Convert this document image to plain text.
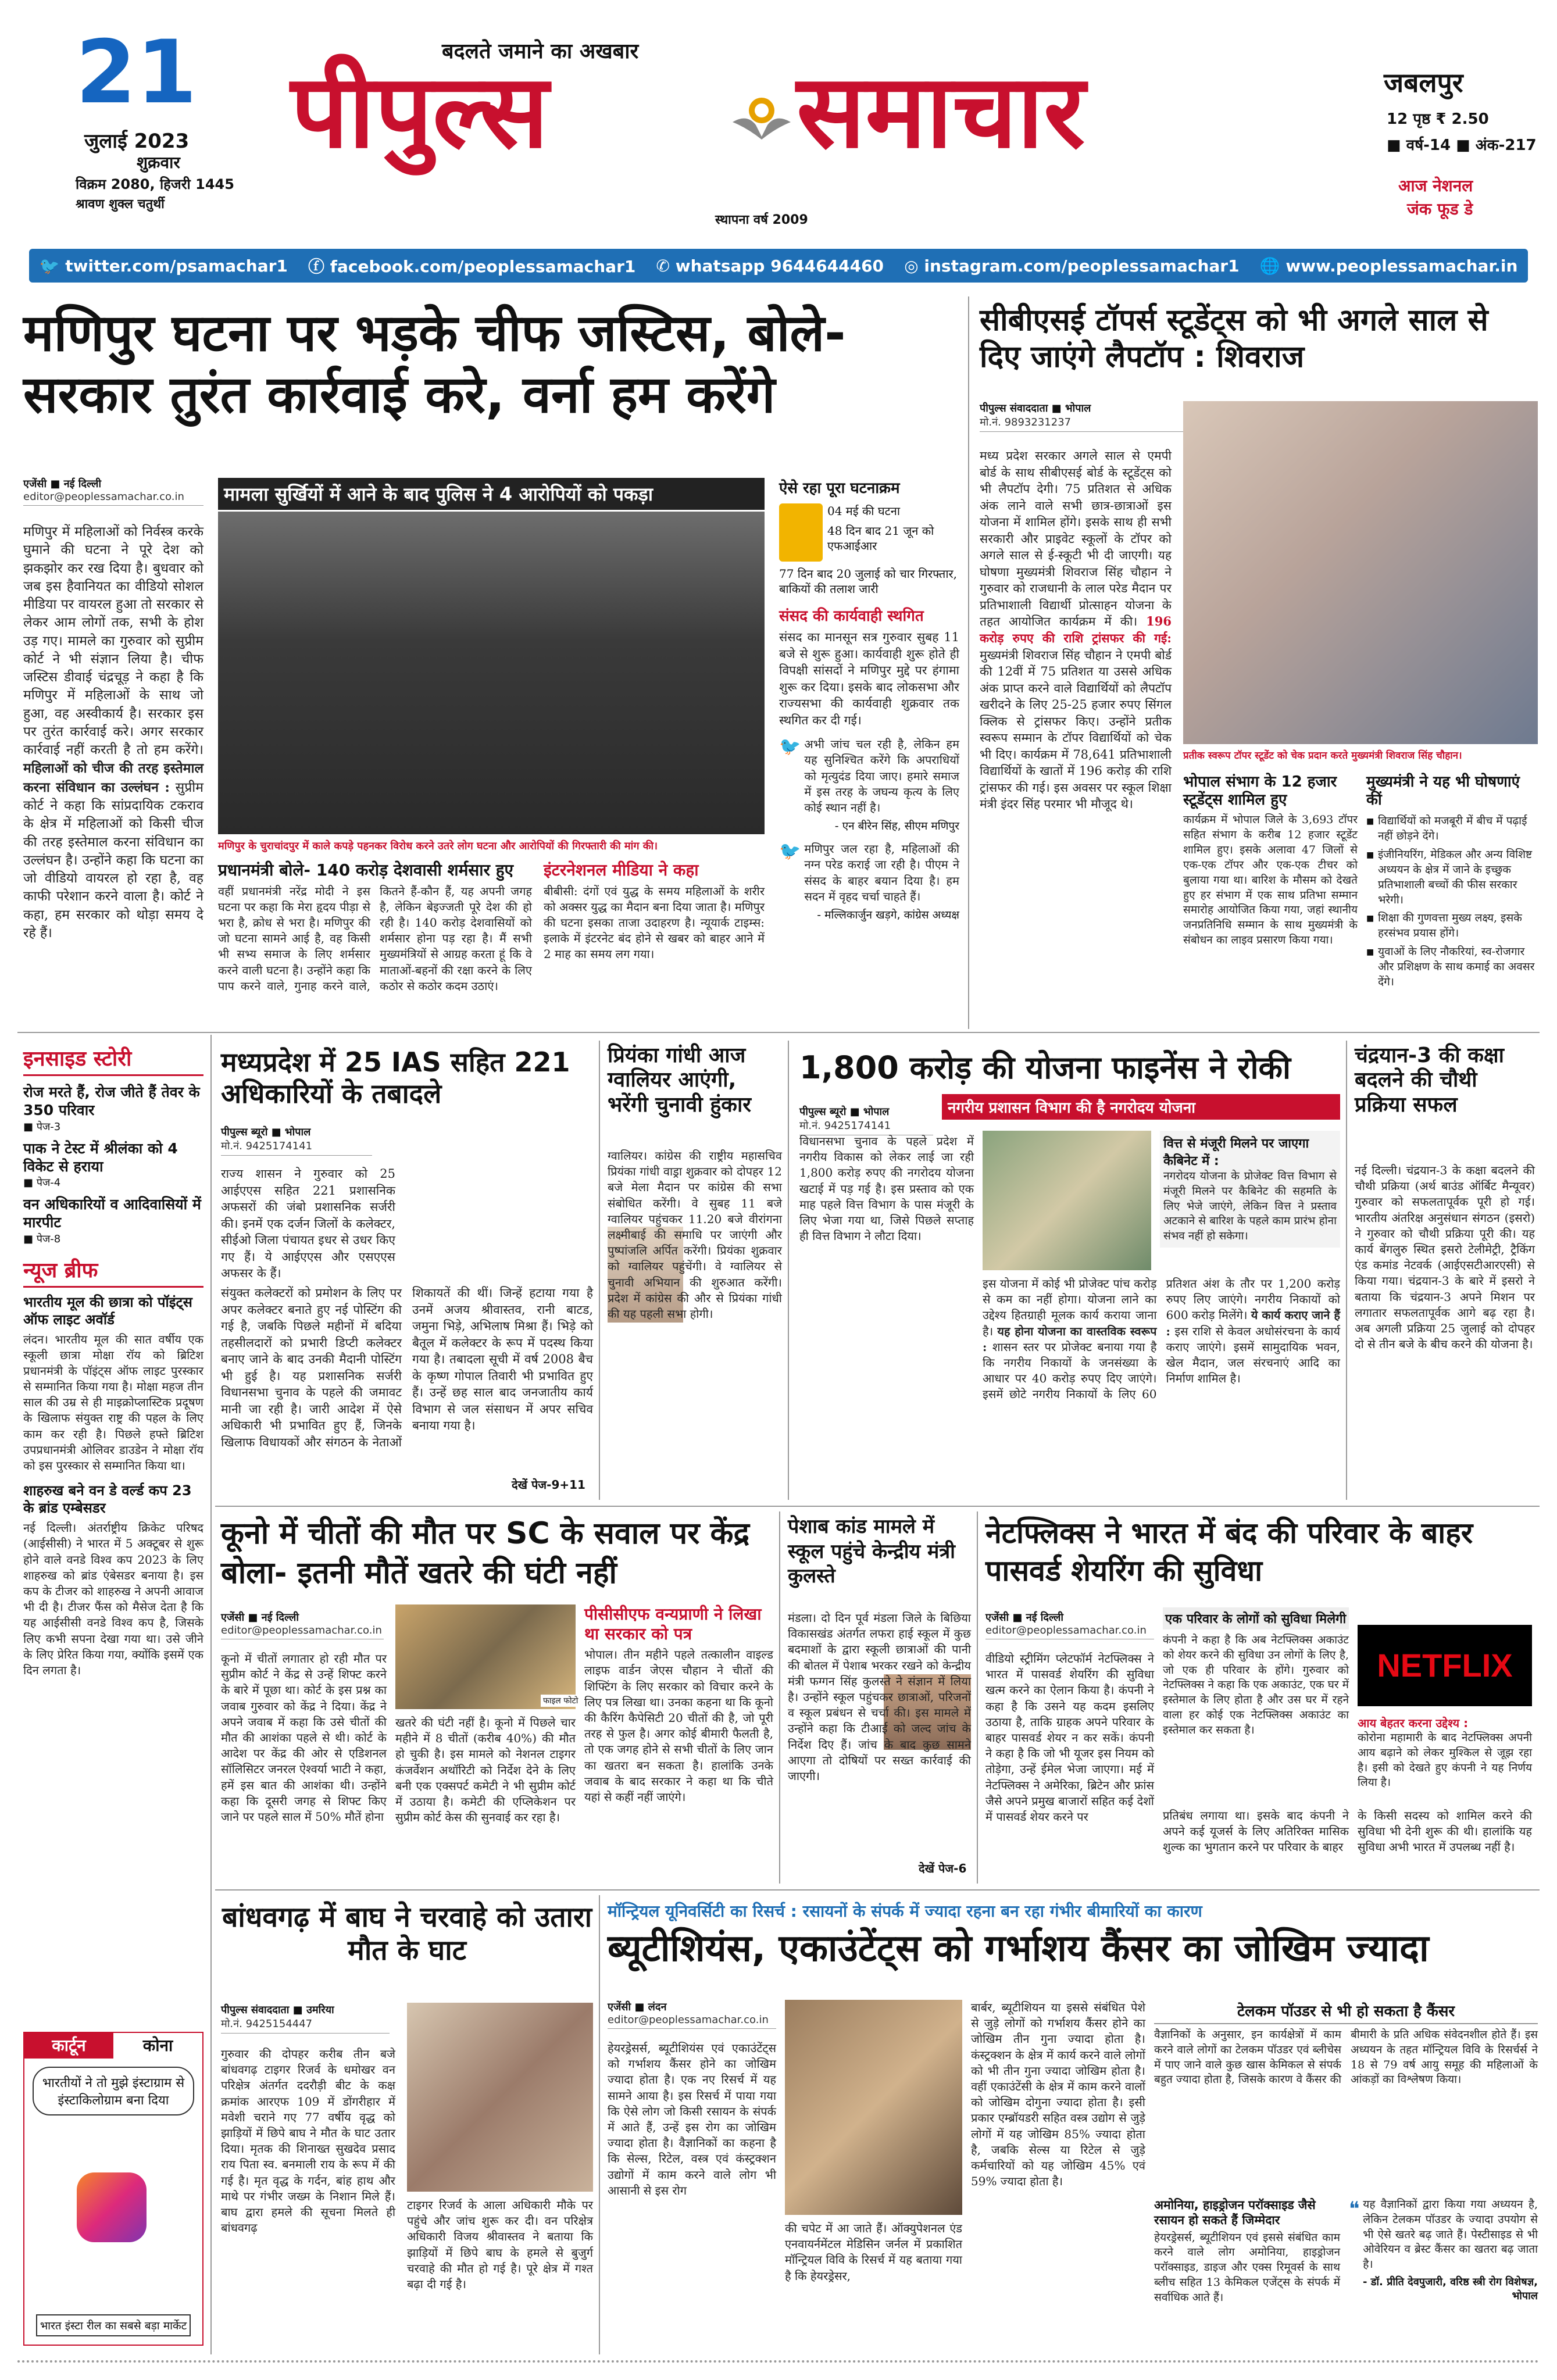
21
जुलाई 2023
शुक्रवार
विक्रम 2080, हिजरी 1445
श्रावण शुक्ल चतुर्थी
बदलते जमाने का अखबार
पीपुल्स समाचार
स्थापना वर्ष 2009
जबलपुर
12 पृष्ठ ₹ 2.50
■ वर्ष-14 ■ अंक-217
आज नेशनल
जंक फूड डे
🐦 twitter.com/psamachar1 ⓕ facebook.com/peoplessamachar1 ✆ whatsapp 9644644460 ◎ instagram.com/peoplessamachar1 🌐 www.peoplessamachar.in
मणिपुर घटना पर भड़के चीफ जस्टिस, बोले- सरकार तुरंत कार्रवाई करे, वर्ना हम करेंगे
एजेंसी ■ नई दिल्ली
editor@peoplessamachar.co.in
मणिपुर में महिलाओं को निर्वस्त्र करके घुमाने की घटना ने पूरे देश को झकझोर कर रख दिया है। बुधवार को जब इस हैवानियत का वीडियो सोशल मीडिया पर वायरल हुआ तो सरकार से लेकर आम लोगों तक, सभी के होश उड़ गए। मामले का गुरुवार को सुप्रीम कोर्ट ने भी संज्ञान लिया है। चीफ जस्टिस डीवाई चंद्रचूड़ ने कहा है कि मणिपुर में महिलाओं के साथ जो हुआ, वह अस्वीकार्य है। सरकार इस पर तुरंत कार्रवाई करे। अगर सरकार कार्रवाई नहीं करती है तो हम करेंगे। महिलाओं को चीज की तरह इस्तेमाल करना संविधान का उल्लंघन : सुप्रीम कोर्ट ने कहा कि सांप्रदायिक टकराव के क्षेत्र में महिलाओं को किसी चीज की तरह इस्तेमाल करना संविधान का उल्लंघन है। उन्होंने कहा कि घटना का जो वीडियो वायरल हो रहा है, वह काफी परेशान करने वाला है। कोर्ट ने कहा, हम सरकार को थोड़ा समय दे रहे हैं।
मामला सुर्खियों में आने के बाद पुलिस ने 4 आरोपियों को पकड़ा
मणिपुर के चुराचांदपुर में काले कपड़े पहनकर विरोध करने उतरे लोग घटना और आरोपियों की गिरफ्तारी की मांग की।
ऐसे रहा पूरा घटनाक्रम
04 मई की घटना
48 दिन बाद 21 जून को एफआईआर
77 दिन बाद 20 जुलाई को चार गिरफ्तार, बाकियों की तलाश जारी
संसद की कार्यवाही स्थगित
संसद का मानसून सत्र गुरुवार सुबह 11 बजे से शुरू हुआ। कार्यवाही शुरू होते ही विपक्षी सांसदों ने मणिपुर मुद्दे पर हंगामा शुरू कर दिया। इसके बाद लोकसभा और राज्यसभा की कार्यवाही शुक्रवार तक स्थगित कर दी गई।
🐦 अभी जांच चल रही है, लेकिन हम यह सुनिश्चित करेंगे कि अपराधियों को मृत्युदंड दिया जाए। हमारे समाज में इस तरह के जघन्य कृत्य के लिए कोई स्थान नहीं है।
- एन बीरेन सिंह, सीएम मणिपुर
🐦 मणिपुर जल रहा है, महिलाओं की नग्न परेड कराई जा रही है। पीएम ने संसद के बाहर बयान दिया है। हम सदन में वृहद चर्चा चाहते हैं।
- मल्लिकार्जुन खड़गे, कांग्रेस अध्यक्ष
प्रधानमंत्री बोले- 140 करोड़ देशवासी शर्मसार हुए
वहीं प्रधानमंत्री नरेंद्र मोदी ने इस घटना पर कहा कि मेरा हृदय पीड़ा से भरा है, क्रोध से भरा है। मणिपुर की जो घटना सामने आई है, वह किसी भी सभ्य समाज के लिए शर्मसार करने वाली घटना है। उन्होंने कहा कि पाप करने वाले, गुनाह करने वाले, कितने हैं-कौन हैं, यह अपनी जगह है, लेकिन बेइज्जती पूरे देश की हो रही है। 140 करोड़ देशवासियों को शर्मसार होना पड़ रहा है। मैं सभी मुख्यमंत्रियों से आग्रह करता हूं कि वे माताओं-बहनों की रक्षा करने के लिए कठोर से कठोर कदम उठाएं।
इंटरनेशनल मीडिया ने कहा
बीबीसी: दंगों एवं युद्ध के समय महिलाओं के शरीर को अक्सर युद्ध का मैदान बना दिया जाता है। मणिपुर की घटना इसका ताजा उदाहरण है। न्यूयार्क टाइम्स: इलाके में इंटरनेट बंद होने से खबर को बाहर आने में 2 माह का समय लग गया।
सीबीएसई टॉपर्स स्टूडेंट्स को भी अगले साल से दिए जाएंगे लैपटॉप : शिवराज
पीपुल्स संवाददाता ■ भोपाल
मो.नं. 9893231237
मध्य प्रदेश सरकार अगले साल से एमपी बोर्ड के साथ सीबीएसई बोर्ड के स्टूडेंट्स को भी लैपटॉप देगी। 75 प्रतिशत से अधिक अंक लाने वाले सभी छात्र-छात्राओं इस योजना में शामिल होंगे। इसके साथ ही सभी सरकारी और प्राइवेट स्कूलों के टॉपर को अगले साल से ई-स्कूटी भी दी जाएगी। यह घोषणा मुख्यमंत्री शिवराज सिंह चौहान ने गुरुवार को राजधानी के लाल परेड मैदान पर प्रतिभाशाली विद्यार्थी प्रोत्साहन योजना के तहत आयोजित कार्यक्रम में की। 196 करोड़ रुपए की राशि ट्रांसफर की गई: मुख्यमंत्री शिवराज सिंह चौहान ने एमपी बोर्ड की 12वीं में 75 प्रतिशत या उससे अधिक अंक प्राप्त करने वाले विद्यार्थियों को लैपटॉप खरीदने के लिए 25-25 हजार रुपए सिंगल क्लिक से ट्रांसफर किए। उन्होंने प्रतीक स्वरूप सम्मान के टॉपर विद्यार्थियों को चेक भी दिए। कार्यक्रम में 78,641 प्रतिभाशाली विद्यार्थियों के खातों में 196 करोड़ की राशि ट्रांसफर की गई। इस अवसर पर स्कूल शिक्षा मंत्री इंदर सिंह परमार भी मौजूद थे।
प्रतीक स्वरूप टॉपर स्टूडेंट को चेक प्रदान करते मुख्यमंत्री शिवराज सिंह चौहान।
भोपाल संभाग के 12 हजार स्टूडेंट्स शामिल हुए
कार्यक्रम में भोपाल जिले के 3,693 टॉपर सहित संभाग के करीब 12 हजार स्टूडेंट शामिल हुए। इसके अलावा 47 जिलों से एक-एक टॉपर और एक-एक टीचर को बुलाया गया था। बारिश के मौसम को देखते हुए हर संभाग में एक साथ प्रतिभा सम्मान समारोह आयोजित किया गया, जहां स्थानीय जनप्रतिनिधि सम्मान के साथ मुख्यमंत्री के संबोधन का लाइव प्रसारण किया गया।
मुख्यमंत्री ने यह भी घोषणाएं कीं
■ विद्यार्थियों को मजबूरी में बीच में पढ़ाई नहीं छोड़ने देंगे।
■ इंजीनियरिंग, मेडिकल और अन्य विशिष्ट अध्ययन के क्षेत्र में जाने के इच्छुक प्रतिभाशाली बच्चों की फीस सरकार भरेगी।
■ शिक्षा की गुणवत्ता मुख्य लक्ष्य, इसके हरसंभव प्रयास होंगे।
■ युवाओं के लिए नौकरियां, स्व-रोजगार और प्रशिक्षण के साथ कमाई का अवसर देंगे।
इनसाइड स्टोरी
रोज मरते हैं, रोज जीते हैं तेवर के 350 परिवार
■ पेज-3
पाक ने टेस्ट में श्रीलंका को 4 विकेट से हराया
■ पेज-4
वन अधिकारियों व आदिवासियों में मारपीट
■ पेज-8
न्यूज ब्रीफ
भारतीय मूल की छात्रा को पॉइंट्स ऑफ लाइट अवॉर्ड
लंदन। भारतीय मूल की सात वर्षीय एक स्कूली छात्रा मोक्षा रॉय को ब्रिटिश प्रधानमंत्री के पॉइंट्स ऑफ लाइट पुरस्कार से सम्मानित किया गया है। मोक्षा महज तीन साल की उम्र से ही माइक्रोप्लास्टिक प्रदूषण के खिलाफ संयुक्त राष्ट्र की पहल के लिए काम कर रही है। पिछले हफ्ते ब्रिटिश उपप्रधानमंत्री ओलिवर डाउडेन ने मोक्षा रॉय को इस पुरस्कार से सम्मानित किया था।
शाहरुख बने वन डे वर्ल्ड कप 23 के ब्रांड एम्बेसडर
नई दिल्ली। अंतर्राष्ट्रीय क्रिकेट परिषद (आईसीसी) ने भारत में 5 अक्टूबर से शुरू होने वाले वनडे विश्व कप 2023 के लिए शाहरुख को ब्रांड एंबेसडर बनाया है। इस कप के टीजर को शाहरुख ने अपनी आवाज भी दी है। टीजर फैंस को मैसेज देता है कि यह आईसीसी वनडे विश्व कप है, जिसके लिए कभी सपना देखा गया था। उसे जीने के लिए प्रेरित किया गया, क्योंकि इसमें एक दिन लगता है।
कार्टून	कोना
भारतीयों ने तो मुझे इंस्टाग्राम से इंस्टाकिलोग्राम बना दिया
भारत इंस्टा रील का सबसे बड़ा मार्केट
मध्यप्रदेश में 25 IAS सहित 221 अधिकारियों के तबादले
पीपुल्स ब्यूरो ■ भोपाल
मो.नं. 9425174141
राज्य शासन ने गुरुवार को 25 आईएएस सहित 221 प्रशासनिक अफसरों की जंबो प्रशासनिक सर्जरी की। इनमें एक दर्जन जिलों के कलेक्टर, सीईओ जिला पंचायत इधर से उधर किए गए हैं। ये आईएएस और एसएएस अफसर के हैं।
संयुक्त कलेक्टरों को प्रमोशन के लिए पर अपर कलेक्टर बनाते हुए नई पोस्टिंग की गई है, जबकि पिछले महीनों में बदिया तहसीलदारों को प्रभारी डिप्टी कलेक्टर बनाए जाने के बाद उनकी मैदानी पोस्टिंग भी हुई है। यह प्रशासनिक सर्जरी विधानसभा चुनाव के पहले की जमावट मानी जा रही है। जारी आदेश में ऐसे अधिकारी भी प्रभावित हुए हैं, जिनके खिलाफ विधायकों और संगठन के नेताओं शिकायतें की थीं। जिन्हें हटाया गया है उनमें अजय श्रीवास्तव, रानी बाटड, जमुना भिड़े, अभिलाष मिश्रा हैं। भिड़े को बैतूल में कलेक्टर के रूप में पदस्थ किया गया है। तबादला सूची में वर्ष 2008 बैच के कृष्ण गोपाल तिवारी भी प्रभावित हुए हैं। उन्हें छह साल बाद जनजातीय कार्य विभाग से जल संसाधन में अपर सचिव बनाया गया है।
देखें पेज-9+11
प्रियंका गांधी आज ग्वालियर आएंगी, भरेंगी चुनावी हुंकार
ग्वालियर। कांग्रेस की राष्ट्रीय महासचिव प्रियंका गांधी वाड्रा शुक्रवार को दोपहर 12 बजे मेला मैदान पर कांग्रेस की सभा संबोधित करेंगी। वे सुबह 11 बजे ग्वालियर पहुंचकर 11.20 बजे वीरांगना लक्ष्मीबाई की समाधि पर जाएंगी और पुष्पांजलि अर्पित करेंगी। प्रियंका शुक्रवार को ग्वालियर पहुंचेंगी। वे ग्वालियर से चुनावी अभियान की शुरुआत करेंगी। प्रदेश में कांग्रेस की और से प्रियंका गांधी की यह पहली सभा होगी।
1,800 करोड़ की योजना फाइनेंस ने रोकी
नगरीय प्रशासन विभाग की है नगरोदय योजना
पीपुल्स ब्यूरो ■ भोपाल
मो.नं. 9425174141
विधानसभा चुनाव के पहले प्रदेश में नगरीय विकास को लेकर लाई जा रही 1,800 करोड़ रुपए की नगरोदय योजना खटाई में पड़ गई है। इस प्रस्ताव को एक माह पहले वित्त विभाग के पास मंजूरी के लिए भेजा गया था, जिसे पिछले सप्ताह ही वित्त विभाग ने लौटा दिया।
वित्त से मंजूरी मिलने पर जाएगा कैबिनेट में :
नगरोदय योजना के प्रोजेक्ट वित्त विभाग से मंजूरी मिलने पर कैबिनेट की सहमति के लिए भेजे जाएंगे, लेकिन वित्त ने प्रस्ताव अटकाने से बारिश के पहले काम प्रारंभ होना संभव नहीं हो सकेगा।
इस योजना में कोई भी प्रोजेक्ट पांच करोड़ से कम का नहीं होगा। योजना लाने का उद्देश्य हितग्राही मूलक कार्य कराया जाना है। यह होना योजना का वास्तविक स्वरूप : शासन स्तर पर प्रोजेक्ट बनाया गया है कि नगरीय निकायों के जनसंख्या के आधार पर 40 करोड़ रुपए दिए जाएंगे। इसमें छोटे नगरीय निकायों के लिए 60 प्रतिशत अंश के तौर पर 1,200 करोड़ रुपए लिए जाएंगे। नगरीय निकायों को 600 करोड़ मिलेंगे। ये कार्य कराए जाने हैं : इस राशि से केवल अधोसंरचना के कार्य कराए जाएंगे। इसमें सामुदायिक भवन, खेल मैदान, जल संरचनाएं आदि का निर्माण शामिल है।
चंद्रयान-3 की कक्षा बदलने की चौथी प्रक्रिया सफल
नई दिल्ली। चंद्रयान-3 के कक्षा बदलने की चौथी प्रक्रिया (अर्थ बाउंड ऑर्बिट मैन्यूवर) गुरुवार को सफलतापूर्वक पूरी हो गई। भारतीय अंतरिक्ष अनुसंधान संगठन (इसरो) ने गुरुवार को चौथी प्रक्रिया पूरी की। यह कार्य बेंगलुरु स्थित इसरो टेलीमेट्री, ट्रैकिंग एंड कमांड नेटवर्क (आईएसटीआरएसी) से किया गया। चंद्रयान-3 के बारे में इसरो ने बताया कि चंद्रयान-3 अपने मिशन पर लगातार सफलतापूर्वक आगे बढ़ रहा है। अब अगली प्रक्रिया 25 जुलाई को दोपहर दो से तीन बजे के बीच करने की योजना है।
कूनो में चीतों की मौत पर SC के सवाल पर केंद्र बोला- इतनी मौतें खतरे की घंटी नहीं
एजेंसी ■ नई दिल्ली
editor@peoplessamachar.co.in
फाइल फोटो
कूनो में चीतों लगातार हो रही मौत पर सुप्रीम कोर्ट ने केंद्र से उन्हें शिफ्ट करने के बारे में पूछा था। कोर्ट के इस प्रश्न का जवाब गुरुवार को केंद्र ने दिया। केंद्र ने अपने जवाब में कहा कि उसे चीतों की मौत की आशंका पहले से थी। कोर्ट के आदेश पर केंद्र की ओर से एडिशनल सॉलिसिटर जनरल ऐश्वर्या भाटी ने कहा, हमें इस बात की आशंका थी। उन्होंने कहा कि दूसरी जगह से शिफ्ट किए जाने पर पहले साल में 50% मौतें होना
खतरे की घंटी नहीं है। कूनो में पिछले चार महीने में 8 चीतों (करीब 40%) की मौत हो चुकी है। इस मामले को नेशनल टाइगर कंजर्वेशन अथॉरिटी को निर्देश देने के लिए बनी एक एक्सपर्ट कमेटी ने भी सुप्रीम कोर्ट में उठाया है। कमेटी की एप्लिकेशन पर सुप्रीम कोर्ट केस की सुनवाई कर रहा है।
पीसीसीएफ वन्यप्राणी ने लिखा था सरकार को पत्र
भोपाल। तीन महीने पहले तत्कालीन वाइल्ड लाइफ वार्डन जेएस चौहान ने चीतों की शिफ्टिंग के लिए सरकार को विचार करने के लिए पत्र लिखा था। उनका कहना था कि कूनो की कैरिंग कैपेसिटी 20 चीतों की है, जो पूरी तरह से फुल है। अगर कोई बीमारी फैलती है, तो एक जगह होने से सभी चीतों के लिए जान का खतरा बन सकता है। हालांकि उनके जवाब के बाद सरकार ने कहा था कि चीते यहां से कहीं नहीं जाएंगे।
पेशाब कांड मामले में स्कूल पहुंचे केन्द्रीय मंत्री कुलस्ते
मंडला। दो दिन पूर्व मंडला जिले के बिछिया विकासखंड अंतर्गत लफरा हाई स्कूल में कुछ बदमाशों के द्वारा स्कूली छात्राओं की पानी की बोतल में पेशाब भरकर रखने को केन्द्रीय मंत्री फग्गन सिंह कुलस्ते ने संज्ञान में लिया है। उन्होंने स्कूल पहुंचकर छात्राओं, परिजनों व स्कूल प्रबंधन से चर्चा की। इस मामले में उन्होंने कहा कि टीआई को जल्द जांच के निर्देश दिए हैं। जांच के बाद कुछ सामने आएगा तो दोषियों पर सख्त कार्रवाई की जाएगी।
देखें पेज-6
नेटफ्लिक्स ने भारत में बंद की परिवार के बाहर पासवर्ड शेयरिंग की सुविधा
एजेंसी ■ नई दिल्ली
editor@peoplessamachar.co.in
वीडियो स्ट्रीमिंग प्लेटफॉर्म नेटफ्लिक्स ने भारत में पासवर्ड शेयरिंग की सुविधा खत्म करने का ऐलान किया है। कंपनी ने कहा है कि उसने यह कदम इसलिए उठाया है, ताकि ग्राहक अपने परिवार के बाहर पासवर्ड शेयर न कर सकें। कंपनी ने कहा है कि जो भी यूजर इस नियम को तोड़ेगा, उन्हें ईमेल भेजा जाएगा। मई में नेटफ्लिक्स ने अमेरिका, ब्रिटेन और फ्रांस जैसे अपने प्रमुख बाजारों सहित कई देशों में पासवर्ड शेयर करने पर
एक परिवार के लोगों को सुविधा मिलेगी
कंपनी ने कहा है कि अब नेटफ्लिक्स अकाउंट को शेयर करने की सुविधा उन लोगों के लिए है, जो एक ही परिवार के होंगे। गुरुवार को नेटफ्लिक्स ने कहा कि एक अकाउंट, एक घर में इस्तेमाल के लिए होता है और उस घर में रहने वाला हर कोई एक नेटफ्लिक्स अकाउंट का इस्तेमाल कर सकता है।
NETFLIX
आय बेहतर करना उद्देश्य :
कोरोना महामारी के बाद नेटफ्लिक्स अपनी आय बढ़ाने को लेकर मुश्किल से जूझ रहा है। इसी को देखते हुए कंपनी ने यह निर्णय लिया है।
प्रतिबंध लगाया था। इसके बाद कंपनी ने अपने कई यूजर्स के लिए अतिरिक्त मासिक शुल्क का भुगतान करने पर परिवार के बाहर
के किसी सदस्य को शामिल करने की सुविधा भी देनी शुरू की थी। हालांकि यह सुविधा अभी भारत में उपलब्ध नहीं है।
बांधवगढ़ में बाघ ने चरवाहे को उतारा मौत के घाट
पीपुल्स संवाददाता ■ उमरिया
मो.नं. 9425154447
गुरुवार की दोपहर करीब तीन बजे बांधवगढ़ टाइगर रिजर्व के धमोखर वन परिक्षेत्र अंतर्गत ददरौड़ी बीट के कक्ष क्रमांक आरएफ 109 में डोंगरीहार में मवेशी चराने गए 77 वर्षीय वृद्ध को झाड़ियों में छिपे बाघ ने मौत के घाट उतार दिया। मृतक की शिनाख्त सुखदेव प्रसाद राय पिता स्व. बनमाली राय के रूप में की गई है। मृत वृद्ध के गर्दन, बांह हाथ और माथे पर गंभीर जख्म के निशान मिले हैं। बाघ द्वारा हमले की सूचना मिलते ही बांधवगढ़
टाइगर रिजर्व के आला अधिकारी मौके पर पहुंचे और जांच शुरू कर दी। वन परिक्षेत्र अधिकारी विजय श्रीवास्तव ने बताया कि झाड़ियों में छिपे बाघ के हमले से बुजुर्ग चरवाहे की मौत हो गई है। पूरे क्षेत्र में गश्त बढ़ा दी गई है।
मॉन्ट्रियल यूनिवर्सिटी का रिसर्च : रसायनों के संपर्क में ज्यादा रहना बन रहा गंभीर बीमारियों का कारण
ब्यूटीशियंस, एकाउंटेंट्स को गर्भाशय कैंसर का जोखिम ज्यादा
एजेंसी ■ लंदन
editor@peoplessamachar.co.in
हेयरड्रेसर्स, ब्यूटीशियंस एवं एकाउंटेंट्स को गर्भाशय कैंसर होने का जोखिम ज्यादा होता है। एक नए रिसर्च में यह सामने आया है। इस रिसर्च में पाया गया कि ऐसे लोग जो किसी रसायन के संपर्क में आते हैं, उन्हें इस रोग का जोखिम ज्यादा होता है। वैज्ञानिकों का कहना है कि सेल्स, रिटेल, वस्त्र एवं कंस्ट्रक्शन उद्योगों में काम करने वाले लोग भी आसानी से इस रोग
की चपेट में आ जाते हैं। ऑक्युपेशनल एंड एनवायर्नमेंटल मेडिसिन जर्नल में प्रकाशित मॉन्ट्रियल विवि के रिसर्च में यह बताया गया है कि हेयरड्रेसर,
बार्बर, ब्यूटीशियन या इससे संबंधित पेशे से जुड़े लोगों को गर्भाशय कैंसर होने का जोखिम तीन गुना ज्यादा होता है। कंस्ट्रक्शन के क्षेत्र में कार्य करने वाले लोगों को भी तीन गुना ज्यादा जोखिम होता है। वहीं एकाउंटेंसी के क्षेत्र में काम करने वालों को जोखिम दोगुना ज्यादा होता है। इसी प्रकार एम्ब्रॉयडरी सहित वस्त्र उद्योग से जुड़े लोगों में यह जोखिम 85% ज्यादा होता है, जबकि सेल्स या रिटेल से जुड़े कर्मचारियों को यह जोखिम 45% एवं 59% ज्यादा होता है।
टेलकम पॉउडर से भी हो सकता है कैंसर
वैज्ञानिकों के अनुसार, इन कार्यक्षेत्रों में काम करने वाले लोगों का टेलकम पॉउडर एवं ब्लीचेस में पाए जाने वाले कुछ खास केमिकल से संपर्क बहुत ज्यादा होता है, जिसके कारण वे कैंसर की बीमारी के प्रति अधिक संवेदनशील होते हैं। इस अध्ययन के तहत मॉन्ट्रियल विवि के रिसर्चर्स ने 18 से 79 वर्ष आयु समूह की महिलाओं के आंकड़ों का विश्लेषण किया।
अमोनिया, हाइड्रोजन परॉक्साइड जैसे रसायन हो सकते हैं जिम्मेदार
हेयरड्रेसर्स, ब्यूटीशियन एवं इससे संबंधित काम करने वाले लोग अमोनिया, हाइड्रोजन परॉक्साइड, डाइज और एक्स रिमूवर्स के साथ ब्लीच सहित 13 केमिकल एजेंट्स के संपर्क में सर्वाधिक आते हैं।
❝ यह वैज्ञानिकों द्वारा किया गया अध्ययन है, लेकिन टेलकम पॉउडर के ज्यादा उपयोग से भी ऐसे खतरे बढ़ जाते हैं। पेस्टीसाइड से भी ओवेरियन व ब्रेस्ट कैंसर का खतरा बढ़ जाता है।
- डॉ. प्रीति देवपुजारी, वरिष्ठ स्त्री रोग विशेषज्ञ, भोपाल
